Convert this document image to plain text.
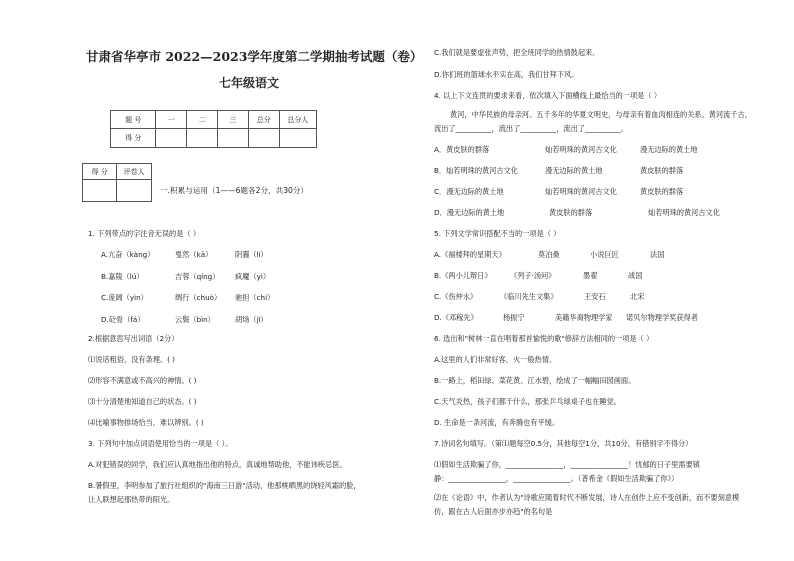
甘肃省华亭市 2022—2023学年度第二学期抽考试题（卷）
七年级语文
题 号	一	二	三	总分	总分人
得 分					
得 分	评卷人

一.积累与运用（1——6题各2分，共30分）
1. 下列带点的字注音无误的是（ ）
A.亢奋（kàng）	戛然（kā）	阴霾（lí）
B.嘉陵（lú）	吉蓉（qíng） 疯魔（yì）
C.庞阔（yìn）	绸行（chuò） 驰担（chí）
D.砭骨（fá）	云鬓（bìn）	胡场（jī）
2.根据意思写出词语（2分）
⑴说话粗俗，没有条理。( )
⑵形容不满意或不高兴的神情。( )
⑶十分清楚地知道自己的状态。( )
⑷比喻事物排场恰当，难以辨别。( )
3. 下列句中加点词语使用恰当的一项是（ ）。
A.对犯错误的同学，我们应认真地指出他的特点，真诚地帮助他，不能讳疾忌医。
B.暑假里，李明参加了旅行社组织的"海南三日游"活动，他那桃晒黑的饶轻风霜的脸，
让人联想起那热带的阳光。
C.我们就是要虚张声势，把全班同学的热情鼓起来。
D.你们班的篮球水平实在高，我们甘拜下风。
4. 以上下文连贯的要求来看，依次填入下面横线上最恰当的一项是（ ）
黄河，中华民族的母亲河。五千多年的华夏文明史，与母亲有着血肉相连的关系。黄河流千古，
流出了__________，流出了__________，流出了__________。
A．黄皮肤的群落	灿若明珠的黄河古文化	漫无边际的黄土地
B．灿若明珠的黄河古文化	漫无边际的黄土地	黄皮肤的群落
C．漫无边际的黄土地	灿若明珠的黄河古文化	黄皮肤的群落
D．漫无边际的黄土地	黄皮肤的群落	灿若明珠的黄河古文化
5. 下列文学常识搭配不当的一项是（ ）
A.《福楼拜的星期天》	莫泊桑	小说巨匠	法国
B.《两小儿辩日》	《列子·汤问》	墨翟	战国
C.《伤仲永》	《临川先生文集》	王安石	北宋
D.《邓稼先》	杨振宁	美籍华裔物理学家 诺贝尔物理学奖获得者
6. 选出和"树林一直在唱着那首愉悦的歌"修辞方法相同的一项是（ ）
A.这里的人们非常好客，火一般热情。
B.一路上，稻田绿、菜花黄、江水碧，绘成了一幅幅田园画面。
C.天气炎热，孩子们都干什么，那张乒乓球桌子也在睡觉。
D. 生命是一条河流，有奔腾也有平缓。
7.诗词名句填写。（第⑴题每空0.5分，其他每空1分，共10分，有错别字不得分）
⑴假如生活欺骗了你，________________，________________！忧郁的日子里需要镇
静：________________，________________。（普希金《假如生活欺骗了你》）
⑵在《论语》中，作者认为"诗歌应随着时代不断发展，诗人在创作上应不变创新，而不要刻意模
仿，跟在古人后面亦步亦趋"的名句是
